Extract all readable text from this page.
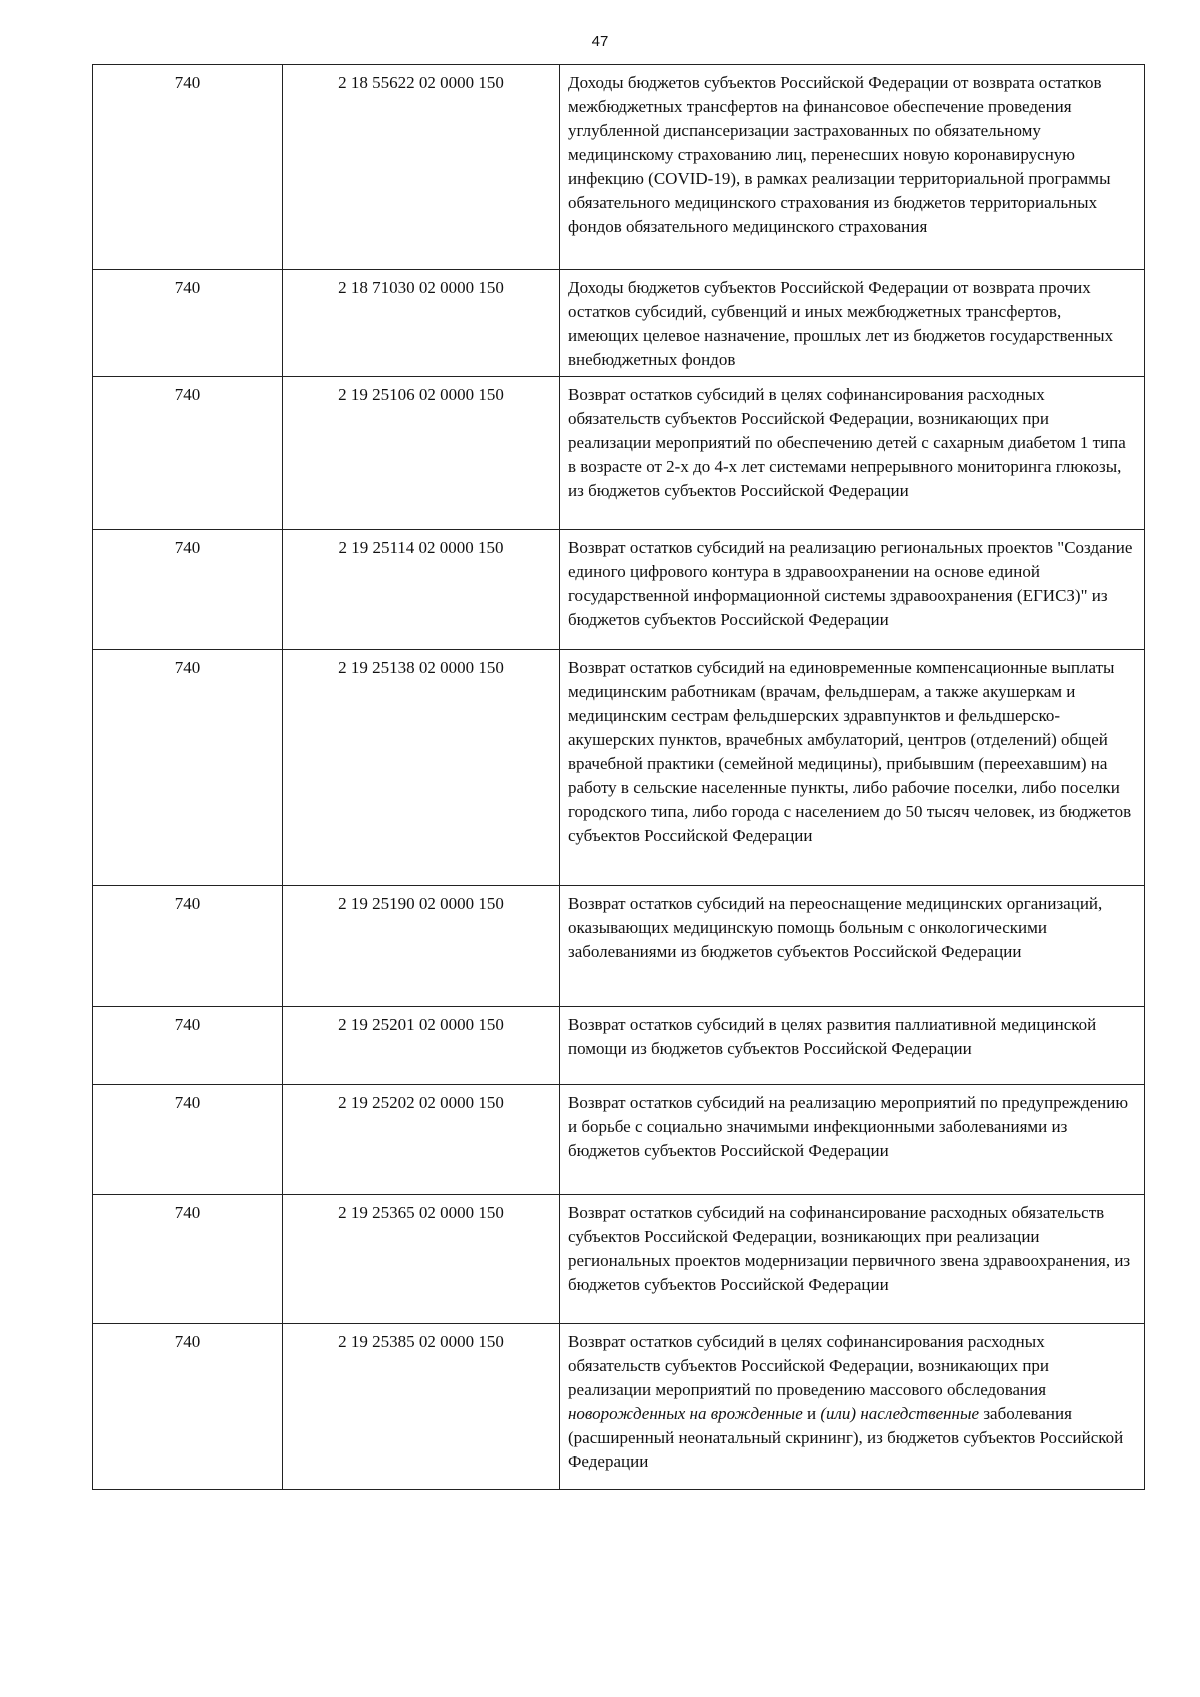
47
740	2 18 55622 02 0000 150	Доходы бюджетов субъектов Российской Федерации от возврата остатков межбюджетных трансфертов на финансовое обеспечение проведения углубленной диспансеризации застрахованных по обязательному медицинскому страхованию лиц, перенесших новую коронавирусную инфекцию (COVID-19), в рамках реализации территориальной программы обязательного медицинского страхования из бюджетов территориальных фондов обязательного медицинского страхования
740	2 18 71030 02 0000 150	Доходы бюджетов субъектов Российской Федерации от возврата прочих остатков субсидий, субвенций и иных межбюджетных трансфертов, имеющих целевое назначение, прошлых лет из бюджетов государственных внебюджетных фондов
740	2 19 25106 02 0000 150	Возврат остатков субсидий в целях софинансирования расходных обязательств субъектов Российской Федерации, возникающих при реализации мероприятий по обеспечению детей с сахарным диабетом 1 типа в возрасте от 2-х до 4-х лет системами непрерывного мониторинга глюкозы, из бюджетов субъектов Российской Федерации
740	2 19 25114 02 0000 150	Возврат остатков субсидий на реализацию региональных проектов "Создание единого цифрового контура в здравоохранении на основе единой государственной информационной системы здравоохранения (ЕГИСЗ)" из бюджетов субъектов Российской Федерации
740	2 19 25138 02 0000 150	Возврат остатков субсидий на единовременные компенсационные выплаты медицинским работникам (врачам, фельдшерам, а также акушеркам и медицинским сестрам фельдшерских здравпунктов и фельдшерско-акушерских пунктов, врачебных амбулаторий, центров (отделений) общей врачебной практики (семейной медицины), прибывшим (переехавшим) на работу в сельские населенные пункты, либо рабочие поселки, либо поселки городского типа, либо города с населением до 50 тысяч человек, из бюджетов субъектов Российской Федерации
740	2 19 25190 02 0000 150	Возврат остатков субсидий на переоснащение медицинских организаций, оказывающих медицинскую помощь больным с онкологическими заболеваниями из бюджетов субъектов Российской Федерации
740	2 19 25201 02 0000 150	Возврат остатков субсидий в целях развития паллиативной медицинской помощи из бюджетов субъектов Российской Федерации
740	2 19 25202 02 0000 150	Возврат остатков субсидий на реализацию мероприятий по предупреждению и борьбе с социально значимыми инфекционными заболеваниями из бюджетов субъектов Российской Федерации
740	2 19 25365 02 0000 150	Возврат остатков субсидий на софинансирование расходных обязательств субъектов Российской Федерации, возникающих при реализации региональных проектов модернизации первичного звена здравоохранения, из бюджетов субъектов Российской Федерации
740	2 19 25385 02 0000 150	Возврат остатков субсидий в целях софинансирования расходных обязательств субъектов Российской Федерации, возникающих при реализации мероприятий по проведению массового обследования новорожденных на врожденные и (или) наследственные заболевания (расширенный неонатальный скрининг), из бюджетов субъектов Российской Федерации
